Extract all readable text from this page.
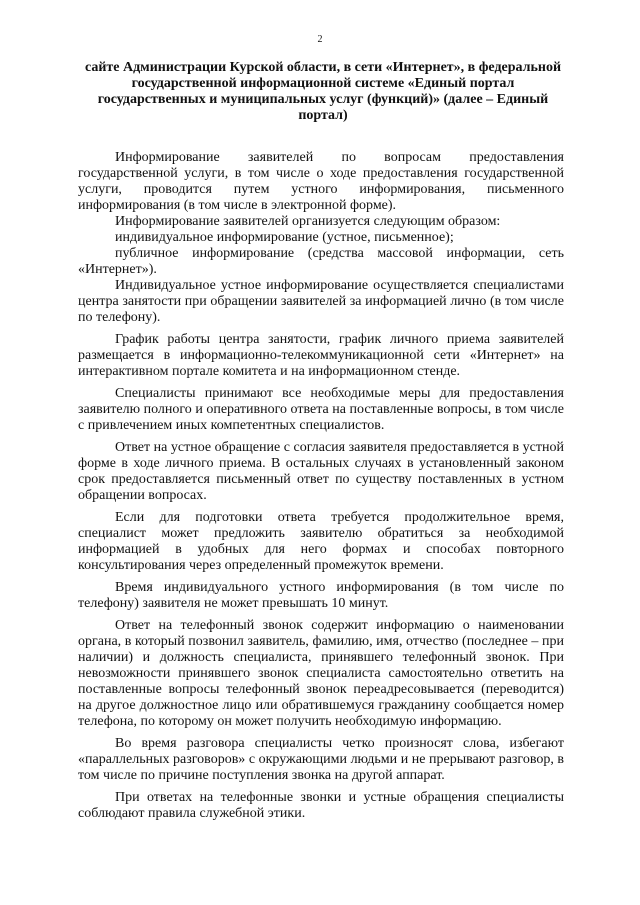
2
сайте Администрации Курской области, в сети «Интернет», в федеральной государственной информационной системе «Единый портал государственных и муниципальных услуг (функций)» (далее – Единый портал)

Информирование заявителей по вопросам предоставления государственной услуги, в том числе о ходе предоставления государственной услуги, проводится путем устного информирования, письменного информирования (в том числе в электронной форме).

Информирование заявителей организуется следующим образом:

индивидуальное информирование (устное, письменное);

публичное информирование (средства массовой информации, сеть «Интернет»).

Индивидуальное устное информирование осуществляется специалистами центра занятости при обращении заявителей за информацией лично (в том числе по телефону).

График работы центра занятости, график личного приема заявителей размещается в информационно-телекоммуникационной сети «Интернет» на интерактивном портале комитета и на информационном стенде.

Специалисты принимают все необходимые меры для предоставления заявителю полного и оперативного ответа на поставленные вопросы, в том числе с привлечением иных компетентных специалистов.

Ответ на устное обращение с согласия заявителя предоставляется в устной форме в ходе личного приема. В остальных случаях в установленный законом срок предоставляется письменный ответ по существу поставленных в устном обращении вопросах.

Если для подготовки ответа требуется продолжительное время, специалист может предложить заявителю обратиться за необходимой информацией в удобных для него формах и способах повторного консультирования через определенный промежуток времени.

Время индивидуального устного информирования (в том числе по телефону) заявителя не может превышать 10 минут.

Ответ на телефонный звонок содержит информацию о наименовании органа, в который позвонил заявитель, фамилию, имя, отчество (последнее – при наличии) и должность специалиста, принявшего телефонный звонок. При невозможности принявшего звонок специалиста самостоятельно ответить на поставленные вопросы телефонный звонок переадресовывается (переводится) на другое должностное лицо или обратившемуся гражданину сообщается номер телефона, по которому он может получить необходимую информацию.

Во время разговора специалисты четко произносят слова, избегают «параллельных разговоров» с окружающими людьми и не прерывают разговор, в том числе по причине поступления звонка на другой аппарат.

При ответах на телефонные звонки и устные обращения специалисты соблюдают правила служебной этики.
